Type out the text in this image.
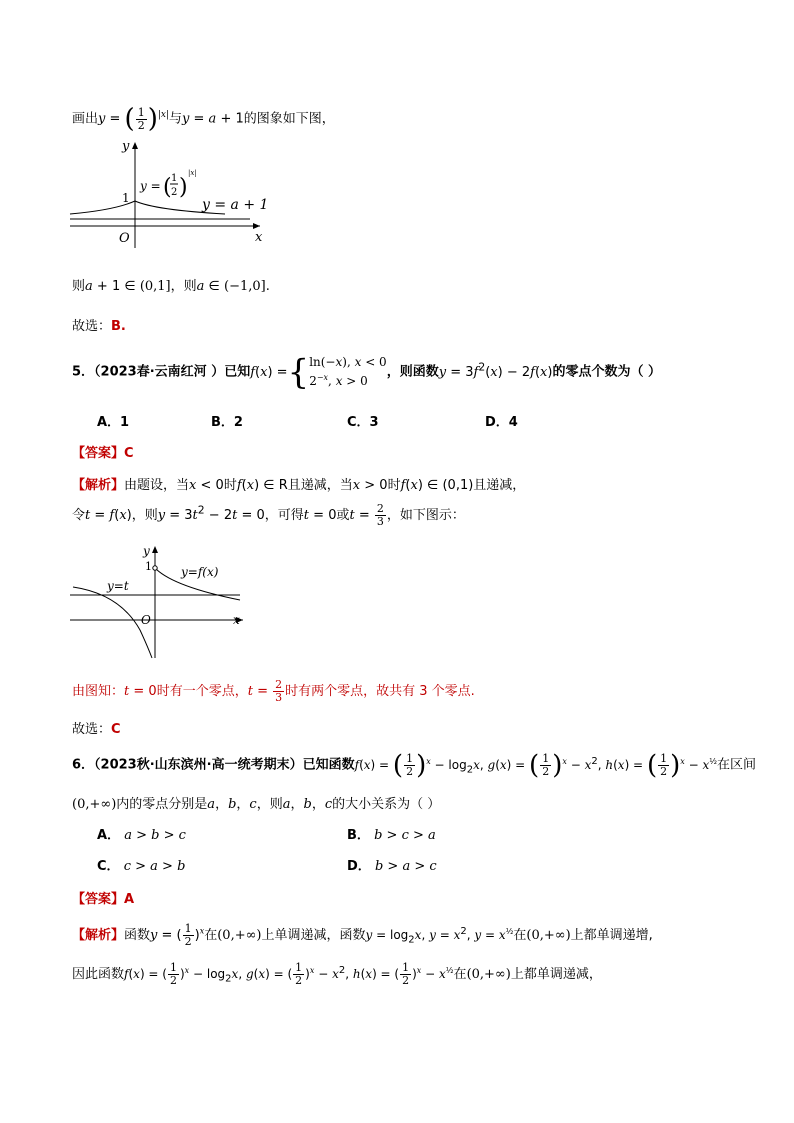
画出y = ( $\frac{1}{2} )^{|x|}$与y = a + 1的图象如下图，
y
x
O
1
y = ( 1
2 )
|x|
y = a + 1
则a + 1 ∈ (0,1]，则a ∈ (−1,0].
故选：B.
5．（2023春·云南红河 ）已知f(x) ={ ln(−x), x < 0
$2^{-x}$, x > 0
，则函数$y = 3f^2(x) - 2f(x)$的零点个数为（ ）
A．1	B．2	C．3	D．4
【答案】C
【解析】由题设，当x < 0时f(x) ∈ R且递减，当x > 0时f(x) ∈ (0,1)且递减，
令t = f(x)，则$y = 3t^2 - 2t = 0$，可得t = 0或$t = \frac{2}{3}$ ，如下图示：
y
x
O
1
y=t
y=f(x)
由图知：t = 0时有一个零点，$t = \frac{2}{3}$ 时有两个零点，故共有 3 个零点.
故选：C
6．（2023秋·山东滨州·高一统考期末）已知函数f(x) = ( $\frac{1}{2} )^x - \log_2x$, g(x) = ( $\frac{1}{2} )^x - x^2$, h(x) = ( $\frac{1}{2} )^x - x^{\frac{1}{2}}$在区间
(0,+∞)内的零点分别是a，b，c，则a，b，c的大小关系为（ ）
A． a > b > c	B． b > c > a
C． c > a > b	D． b > a > c
【答案】A
【解析】函数y = ( $\frac{1}{2} )^x$在(0,+∞)上单调递减，函数$y = \log_2x$, $y = x^2$, $y = x^{\frac{1}{2}}$在(0,+∞)上都单调递增,
因此函数f(x) = ( $\frac{1}{2} )^x - \log_2x$, g(x) = ( $\frac{1}{2} )^x - x^2$, h(x) = ( $\frac{1}{2} )^x - x^{\frac{1}{2}}$在(0,+∞)上都单调递减，
